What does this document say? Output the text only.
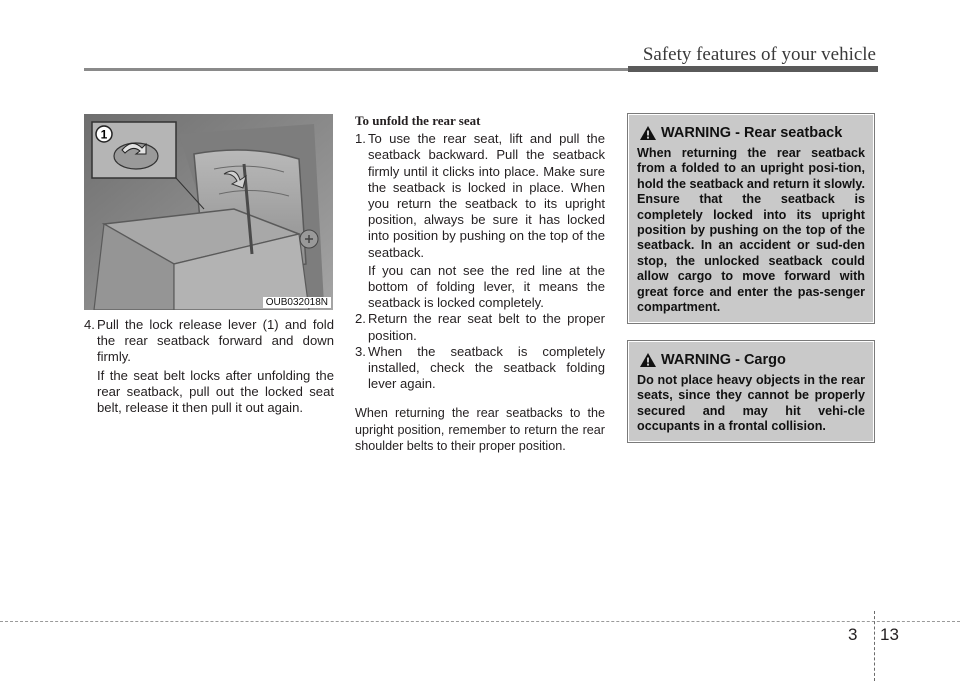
Safety features of your vehicle
1
OUB032018N
4. Pull the lock release lever (1) and fold the rear seatback forward and down firmly.
If the seat belt locks after unfolding the rear seatback, pull out the locked seat belt, release it then pull it out again.
To unfold the rear seat
1. To use the rear seat, lift and pull the seatback backward. Pull the seatback firmly until it clicks into place. Make sure the seatback is locked in place. When you return the seatback to its upright position, always be sure it has locked into position by pushing on the top of the seatback.
If you can not see the red line at the bottom of folding lever, it means the seatback is locked completely.
2. Return the rear seat belt to the proper position.
3. When the seatback is completely installed, check the seatback folding lever again.
When returning the rear seatbacks to the upright position, remember to return the rear shoulder belts to their proper position.
WARNING - Rear seatback
When returning the rear seatback from a folded to an upright posi-tion, hold the seatback and return it slowly. Ensure that the seatback is completely locked into its upright position by pushing on the top of the seatback. In an accident or sud-den stop, the unlocked seatback could allow cargo to move forward with great force and enter the pas-senger compartment.
WARNING - Cargo
Do not place heavy objects in the rear seats, since they cannot be properly secured and may hit vehi-cle occupants in a frontal collision.
3 13
